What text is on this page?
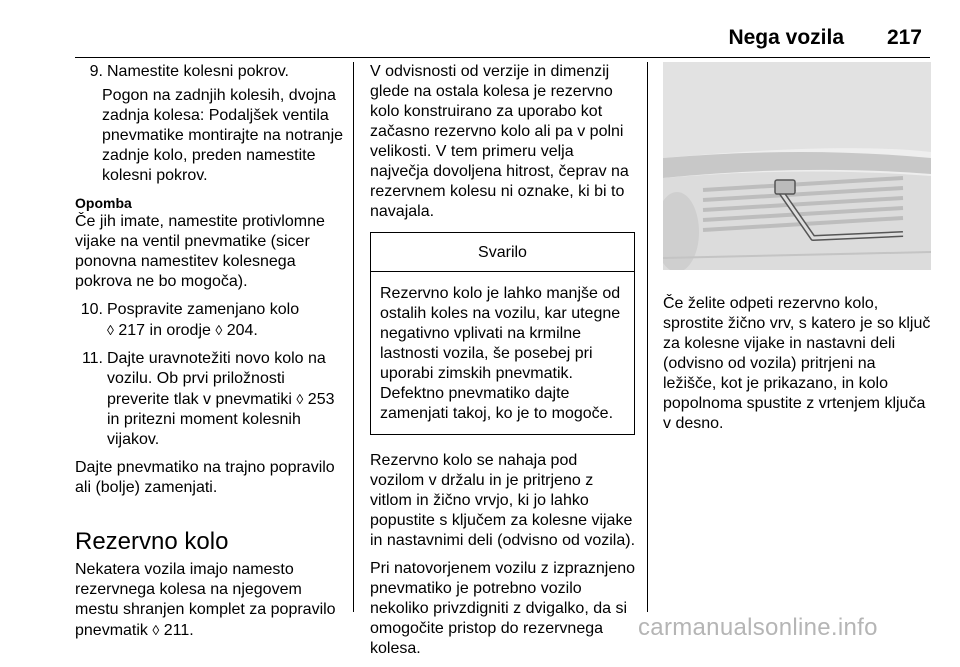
Nega vozila 217
9. Namestite kolesni pokrov.

Pogon na zadnjih kolesih, dvojna zadnja kolesa: Podaljšek ventila pnevmatike montirajte na notranje zadnje kolo, preden namestite kolesni pokrov.

Opomba

Če jih imate, namestite protivlomne vijake na ventil pnevmatike (sicer ponovna namestitev kolesnega pokrova ne bo mogoča).

10. Pospravite zamenjano kolo
◊ 217 in orodje ◊ 204.
11. Dajte uravnotežiti novo kolo na vozilu. Ob prvi priložnosti preverite tlak v pnevmatiki ◊ 253 in pritezni moment kolesnih vijakov.

Dajte pnevmatiko na trajno popravilo ali (bolje) zamenjati.

Rezervno kolo

Nekatera vozila imajo namesto rezervnega kolesa na njegovem mestu shranjen komplet za popravilo pnevmatik ◊ 211.

V odvisnosti od verzije in dimenzij glede na ostala kolesa je rezervno kolo konstruirano za uporabo kot začasno rezervno kolo ali pa v polni velikosti. V tem primeru velja največja dovoljena hitrost, čeprav na rezervnem kolesu ni oznake, ki bi to navajala.

Svarilo
Rezervno kolo je lahko manjše od ostalih koles na vozilu, kar utegne negativno vplivati na krmilne lastnosti vozila, še posebej pri uporabi zimskih pnevmatik. Defektno pnevmatiko dajte zamenjati takoj, ko je to mogoče.

Rezervno kolo se nahaja pod vozilom v držalu in je pritrjeno z vitlom in žično vrvjo, ki jo lahko popustite s ključem za kolesne vijake in nastavnimi deli (odvisno od vozila).

Pri natovorjenem vozilu z izpraznjeno pnevmatiko je potrebno vozilo nekoliko privzdigniti z dvigalko, da si omogočite pristop do rezervnega kolesa.

Če želite odpeti rezervno kolo, sprostite žično vrv, s katero je so ključ za kolesne vijake in nastavni deli (odvisno od vozila) pritrjeni na ležišče, kot je prikazano, in kolo popolnoma spustite z vrtenjem ključa v desno.

carmanualsonline.info
